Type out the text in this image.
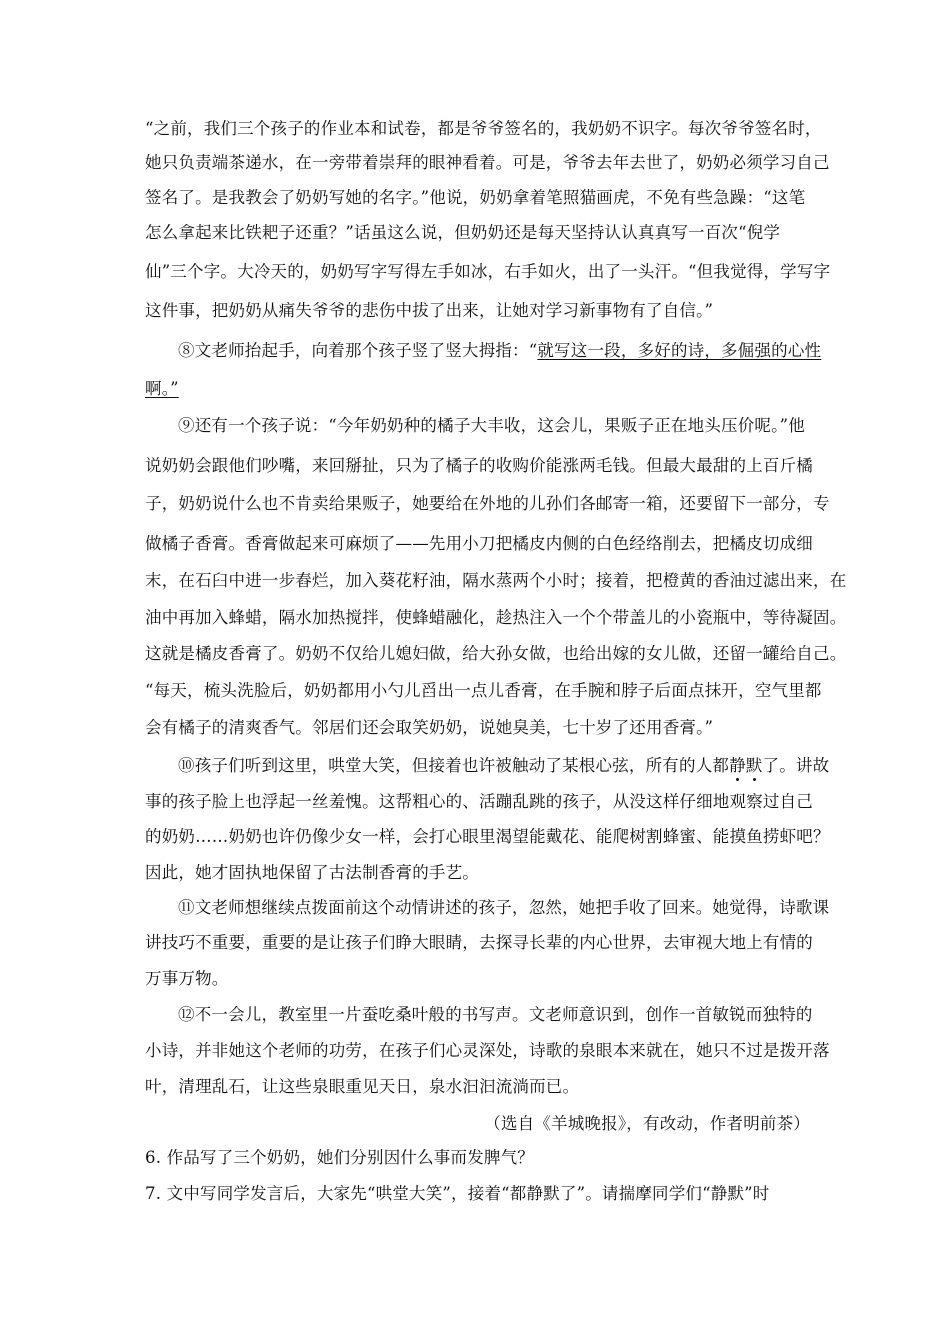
“之前，我们三个孩子的作业本和试卷，都是爷爷签名的，我奶奶不识字。每次爷爷签名时，
她只负责端茶递水，在一旁带着崇拜的眼神看着。可是，爷爷去年去世了，奶奶必须学习自己
签名了。是我教会了奶奶写她的名字。”他说，奶奶拿着笔照猫画虎，不免有些急躁：“这笔
怎么拿起来比铁耙子还重？”话虽这么说，但奶奶还是每天坚持认认真真写一百次“倪学
仙”三个字。大冷天的，奶奶写字写得左手如冰，右手如火，出了一头汗。“但我觉得，学写字
这件事，把奶奶从痛失爷爷的悲伤中拔了出来，让她对学习新事物有了自信。”
⑧文老师抬起手，向着那个孩子竖了竖大拇指：“就写这一段，多好的诗，多倔强的心性
啊。”
⑨还有一个孩子说：“今年奶奶种的橘子大丰收，这会儿，果贩子正在地头压价呢。”他
说奶奶会跟他们吵嘴，来回掰扯，只为了橘子的收购价能涨两毛钱。但最大最甜的上百斤橘
子，奶奶说什么也不肯卖给果贩子，她要给在外地的儿孙们各邮寄一箱，还要留下一部分，专
做橘子香膏。香膏做起来可麻烦了——先用小刀把橘皮内侧的白色经络削去，把橘皮切成细
末，在石臼中进一步舂烂，加入葵花籽油，隔水蒸两个小时；接着，把橙黄的香油过滤出来，在
油中再加入蜂蜡，隔水加热搅拌，使蜂蜡融化，趁热注入一个个带盖儿的小瓷瓶中，等待凝固。
这就是橘皮香膏了。奶奶不仅给儿媳妇做，给大孙女做，也给出嫁的女儿做，还留一罐给自己。
“每天，梳头洗脸后，奶奶都用小勺儿舀出一点儿香膏，在手腕和脖子后面点抹开，空气里都
会有橘子的清爽香气。邻居们还会取笑奶奶，说她臭美，七十岁了还用香膏。”
⑩孩子们听到这里，哄堂大笑，但接着也许被触动了某根心弦，所有的人都静默了。讲故
事的孩子脸上也浮起一丝羞愧。这帮粗心的、活蹦乱跳的孩子，从没这样仔细地观察过自己
的奶奶……奶奶也许仍像少女一样，会打心眼里渴望能戴花、能爬树割蜂蜜、能摸鱼捞虾吧？
因此，她才固执地保留了古法制香膏的手艺。
⑪文老师想继续点拨面前这个动情讲述的孩子，忽然，她把手收了回来。她觉得，诗歌课
讲技巧不重要，重要的是让孩子们睁大眼睛，去探寻长辈的内心世界，去审视大地上有情的
万事万物。
⑫不一会儿，教室里一片蚕吃桑叶般的书写声。文老师意识到，创作一首敏锐而独特的
小诗，并非她这个老师的功劳，在孩子们心灵深处，诗歌的泉眼本来就在，她只不过是拨开落
叶，清理乱石，让这些泉眼重见天日，泉水汩汩流淌而已。
（选自《羊城晚报》，有改动，作者明前茶）
6. 作品写了三个奶奶，她们分别因什么事而发脾气？
7. 文中写同学发言后，大家先“哄堂大笑”，接着“都静默了”。请揣摩同学们“静默”时
